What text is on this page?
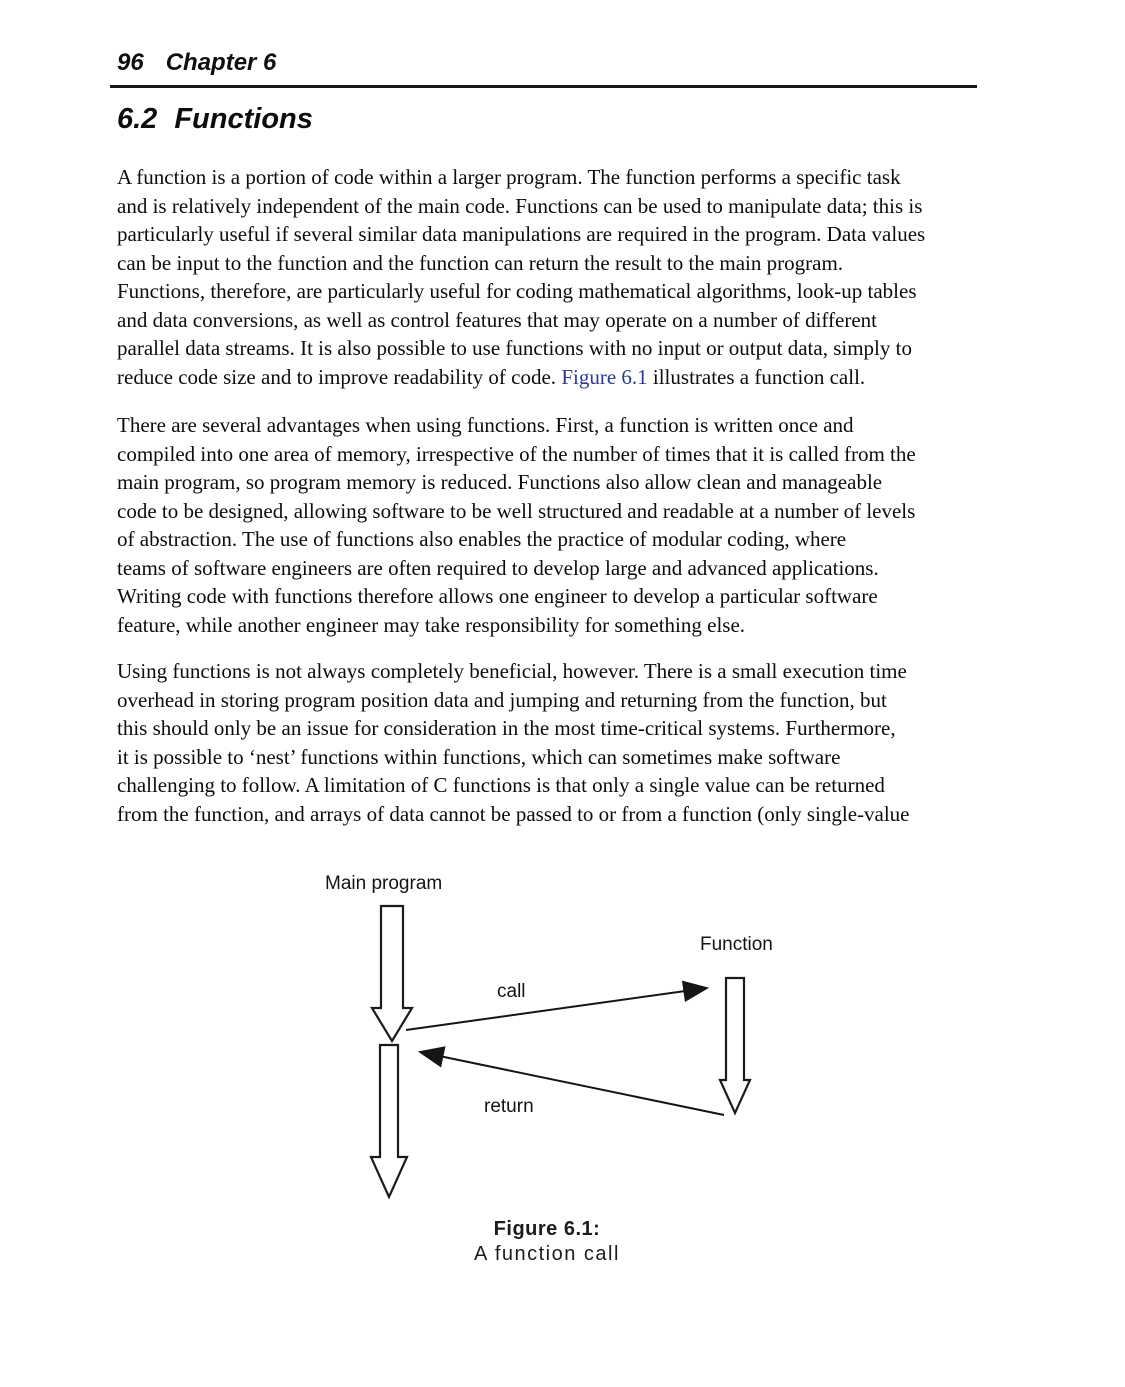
96 Chapter 6
6.2 Functions
A function is a portion of code within a larger program. The function performs a specific task
and is relatively independent of the main code. Functions can be used to manipulate data; this is
particularly useful if several similar data manipulations are required in the program. Data values
can be input to the function and the function can return the result to the main program.
Functions, therefore, are particularly useful for coding mathematical algorithms, look-up tables
and data conversions, as well as control features that may operate on a number of different
parallel data streams. It is also possible to use functions with no input or output data, simply to
reduce code size and to improve readability of code. Figure 6.1 illustrates a function call.
There are several advantages when using functions. First, a function is written once and
compiled into one area of memory, irrespective of the number of times that it is called from the
main program, so program memory is reduced. Functions also allow clean and manageable
code to be designed, allowing software to be well structured and readable at a number of levels
of abstraction. The use of functions also enables the practice of modular coding, where
teams of software engineers are often required to develop large and advanced applications.
Writing code with functions therefore allows one engineer to develop a particular software
feature, while another engineer may take responsibility for something else.
Using functions is not always completely beneficial, however. There is a small execution time
overhead in storing program position data and jumping and returning from the function, but
this should only be an issue for consideration in the most time-critical systems. Furthermore,
it is possible to ‘nest’ functions within functions, which can sometimes make software
challenging to follow. A limitation of C functions is that only a single value can be returned
from the function, and arrays of data cannot be passed to or from a function (only single-value
Main program
Function
call
return
Figure 6.1:
A function call
